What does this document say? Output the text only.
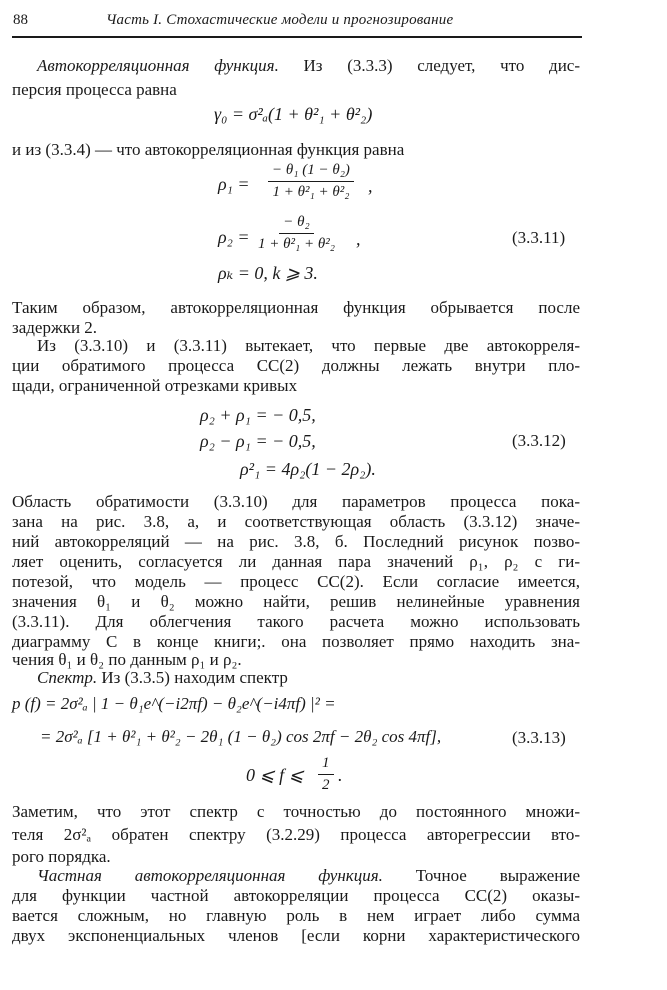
88	Часть I. Стохастические модели и прогнозирование
Автокорреляционная функция. Из (3.3.3) следует, что дис-
персия процесса равна
γ₀ = σ²ₐ(1 + θ²₁ + θ²₂)
и из (3.3.4) — что автокорреляционная функция равна
$\rho_1 = \frac{\text{− θ₁ (1 − θ₂)}}{\text{1 + θ²₁ + θ²₂}}$ ,
$\rho_2 = \frac{\text{− θ₂}}{\text{1 + θ²₁ + θ²₂}}$ ,	(3.3.11)
ρₖ = 0, k ⩾ 3.
Таким образом, автокорреляционная функция обрывается после
задержки 2.
Из (3.3.10) и (3.3.11) вытекает, что первые две автокорреля-
ции обратимого процесса СС(2) должны лежать внутри пло-
щади, ограниченной отрезками кривых
ρ₂ + ρ₁ = − 0,5,
ρ₂ − ρ₁ = − 0,5,	(3.3.12)
ρ²₁ = 4ρ₂(1 − 2ρ₂).
Область обратимости (3.3.10) для параметров процесса пока-
зана на рис. 3.8, а, и соответствующая область (3.3.12) значе-
ний автокорреляций — на рис. 3.8, б. Последний рисунок позво-
ляет оценить, согласуется ли данная пара значений ρ₁, ρ₂ с ги-
потезой, что модель — процесс СС(2). Если согласие имеется,
значения θ₁ и θ₂ можно найти, решив нелинейные уравнения
(3.3.11). Для облегчения такого расчета можно использовать
диаграмму С в конце книги;. она позволяет прямо находить зна-
чения θ₁ и θ₂ по данным ρ₁ и ρ₂.
Спектр. Из (3.3.5) находим спектр
p (f) = 2σ²ₐ | 1 − θ₁e^(−i2πf) − θ₂e^(−i4πf) |² =
= 2σ²ₐ [1 + θ²₁ + θ²₂ − 2θ₁ (1 − θ₂) cos 2πf − 2θ₂ cos 4πf],	(3.3.13)
0 ⩽ f ⩽ $\frac{1}{2}$ .
Заметим, что этот спектр с точностью до постоянного множи-
теля 2σ²ₐ обратен спектру (3.2.29) процесса авторегрессии вто-
рого порядка.
Частная автокорреляционная функция. Точное выражение
для функции частной автокорреляции процесса СС(2) оказы-
вается сложным, но главную роль в нем играет либо сумма
двух экспоненциальных членов [если корни характеристического
